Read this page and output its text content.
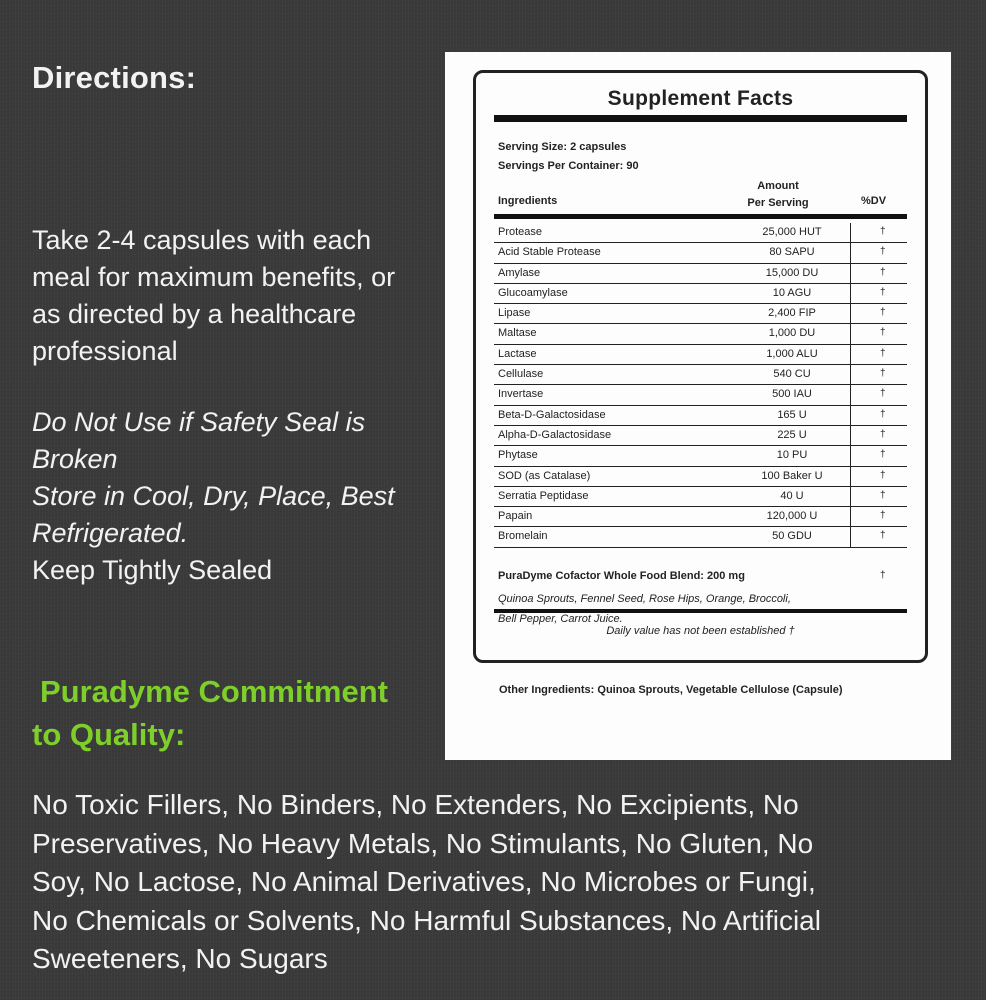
Directions:
Take 2-4 capsules with each
meal for maximum benefits, or
as directed by a healthcare
professional
Do Not Use if Safety Seal is
Broken
Store in Cool, Dry, Place, Best
Refrigerated.
Keep Tightly Sealed
Puradyme Commitment
to Quality:
No Toxic Fillers, No Binders, No Extenders, No Excipients, No
Preservatives, No Heavy Metals, No Stimulants, No Gluten, No
Soy, No Lactose, No Animal Derivatives, No Microbes or Fungi,
No Chemicals or Solvents, No Harmful Substances, No Artificial
Sweeteners, No Sugars
Supplement Facts
Serving Size: 2 capsules
Servings Per Container: 90
Ingredients
Amount
Per Serving	%DV
Protease	25,000 HUT	†
Acid Stable Protease	80 SAPU	†
Amylase	15,000 DU	†
Glucoamylase	10 AGU	†
Lipase	2,400 FIP	†
Maltase	1,000 DU	†
Lactase	1,000 ALU	†
Cellulase	540 CU	†
Invertase	500 IAU	†
Beta-D-Galactosidase	165 U	†
Alpha-D-Galactosidase	225 U	†
Phytase	10 PU	†
SOD (as Catalase)	100 Baker U	†
Serratia Peptidase	40 U	†
Papain	120,000 U	†
Bromelain	50 GDU	†
PuraDyme Cofactor Whole Food Blend: 200 mg	†
Quinoa Sprouts, Fennel Seed, Rose Hips, Orange, Broccoli,
Bell Pepper, Carrot Juice.
Daily value has not been established †
Other Ingredients: Quinoa Sprouts, Vegetable Cellulose (Capsule)
